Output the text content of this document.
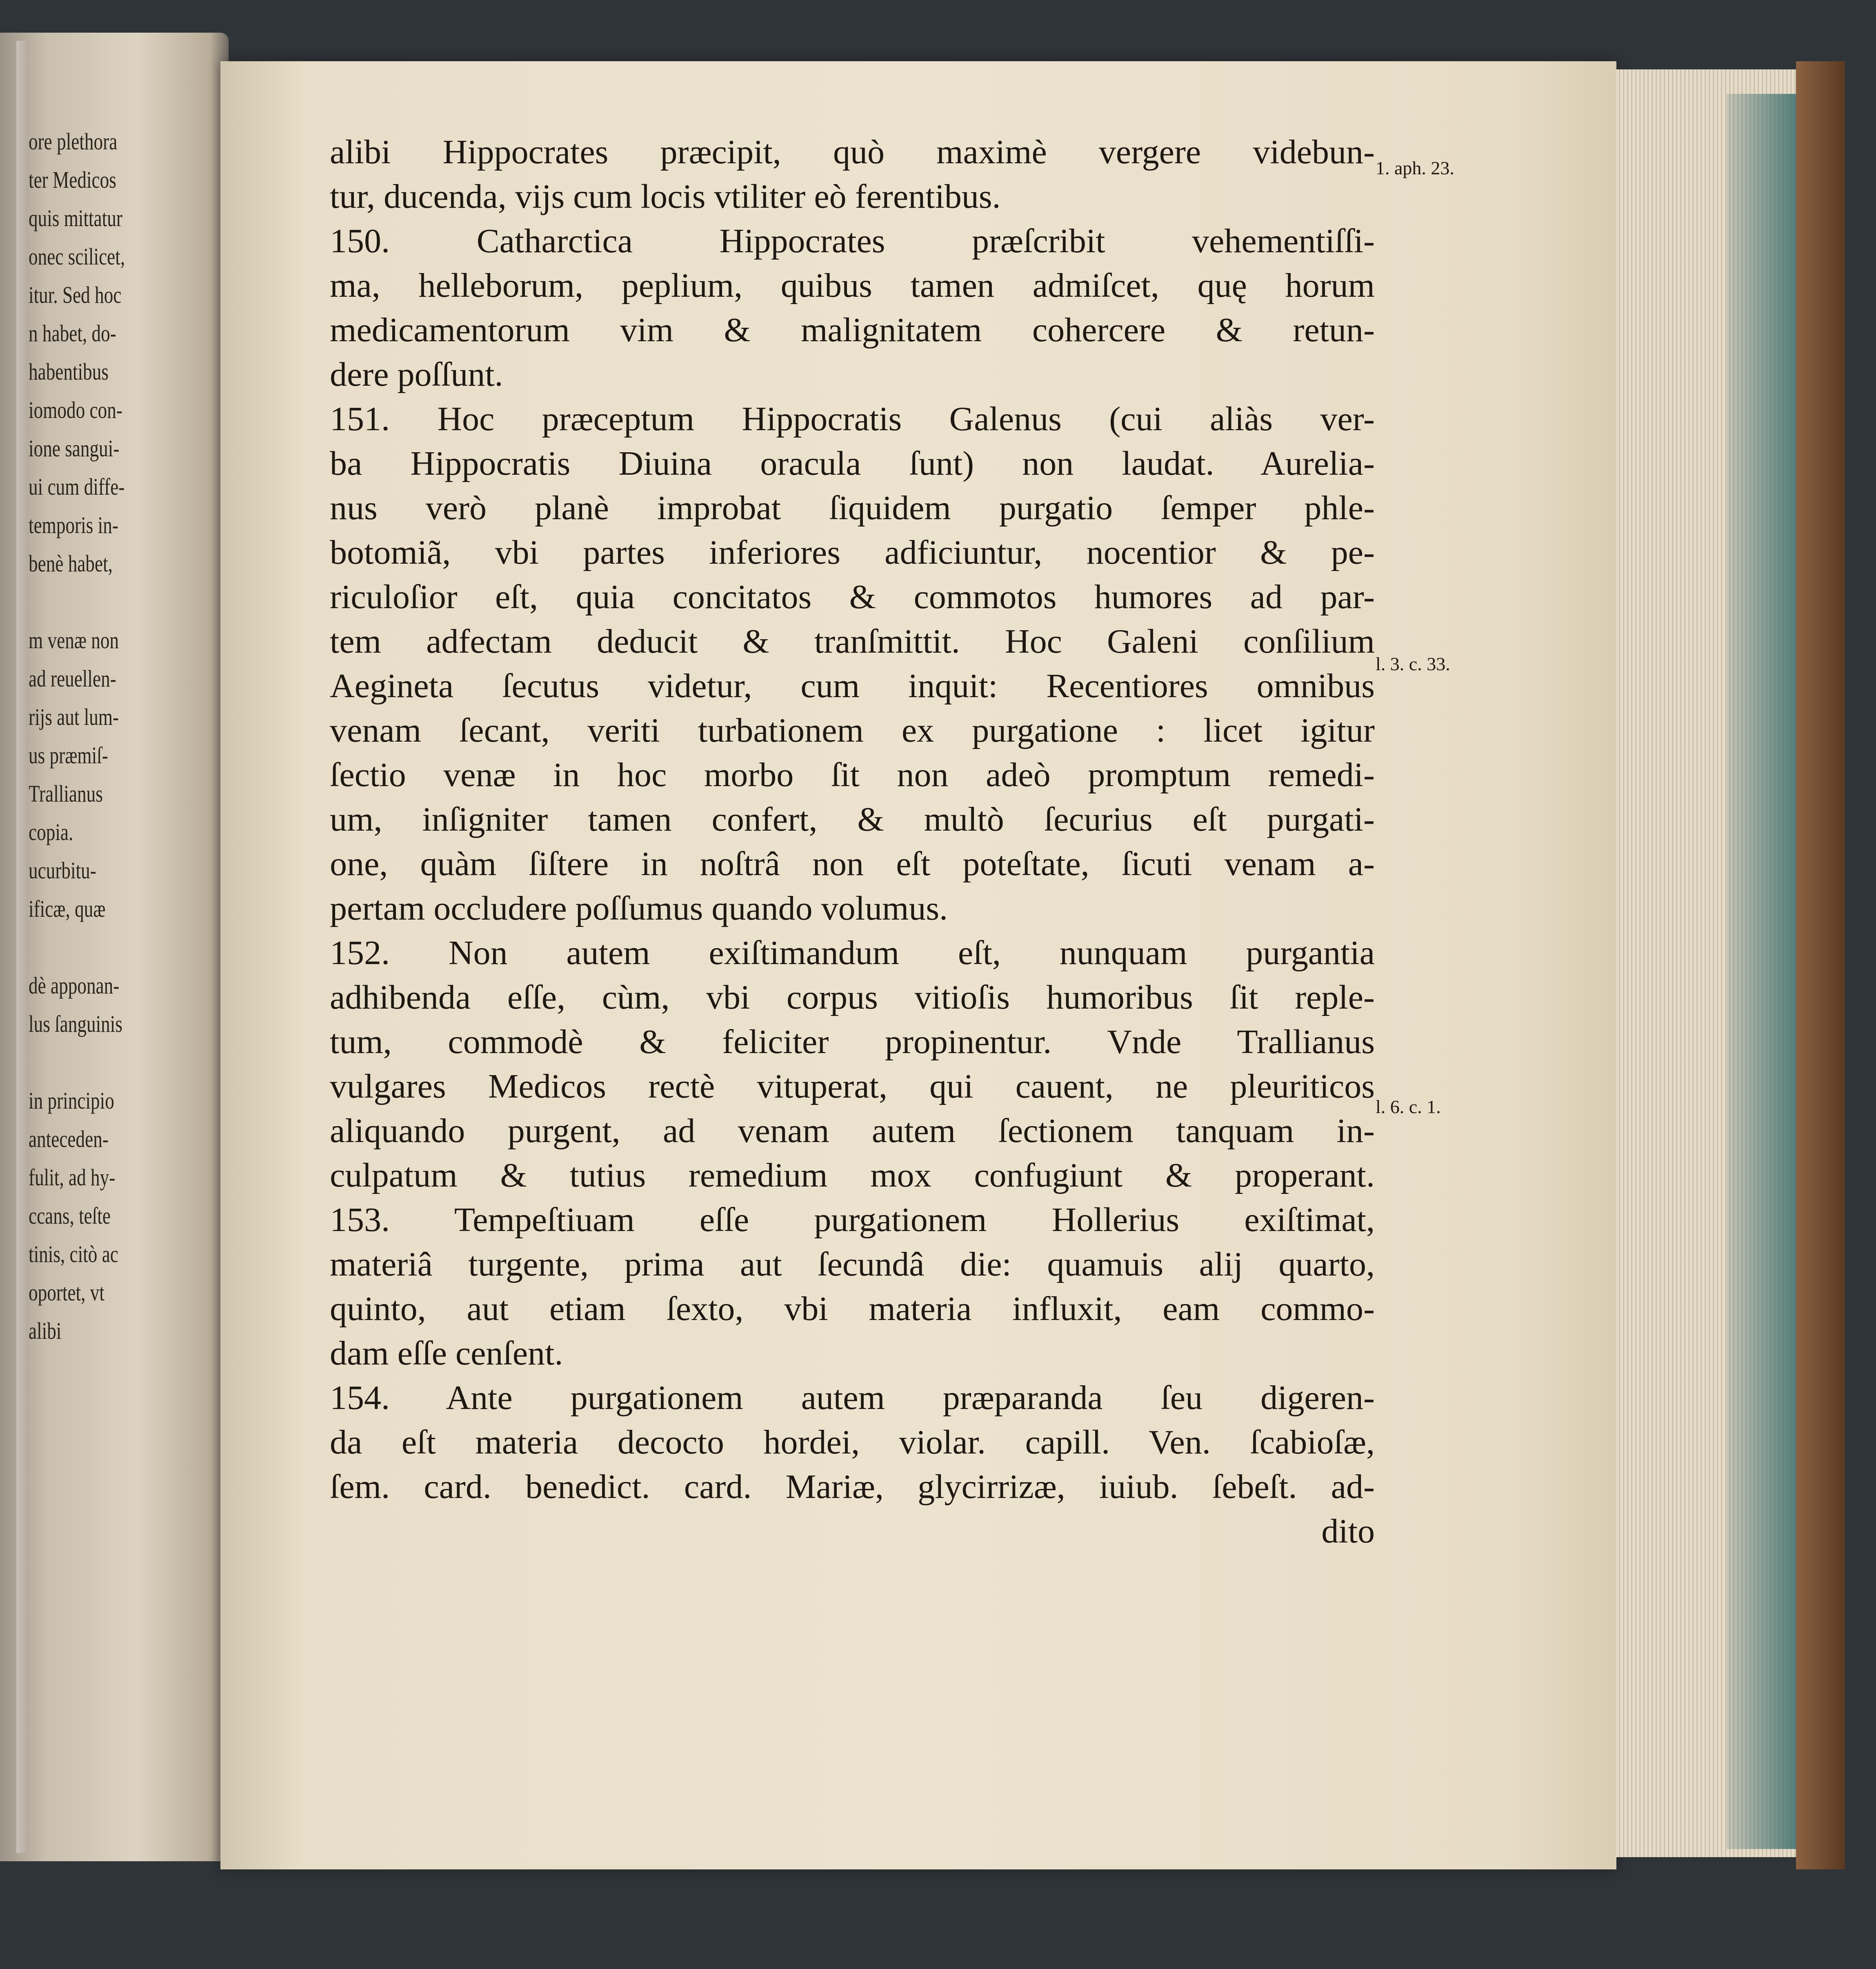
ore plethora
ter Medicos
quis mittatur
onec scilicet,
itur. Sed hoc
n habet, do-
habentibus
iomodo con-
ione sangui-
ui cum diffe-
temporis in-
benè habet,

m venæ non
ad reuellen-
rijs aut lum-
us præmiſ-
Trallianus
copia.
ucurbitu-
ificæ, quæ

dè apponan-
lus ſanguinis

in principio
anteceden-
fulit, ad hy-
ccans, teſte
tinis, citò ac
oportet, vt
alibi
alibi Hippocrates præcipit, quò maximè vergere videbun-
tur, ducenda, vijs cum locis vtiliter eò ferentibus.
150. Catharctica Hippocrates præſcribit vehementiſſi-
ma, helleborum, peplium, quibus tamen admiſcet, quę horum
medicamentorum vim & malignitatem cohercere & retun-
dere poſſunt.
151. Hoc præceptum Hippocratis Galenus (cui aliàs ver-
ba Hippocratis Diuina oracula ſunt) non laudat. Aurelia-
nus verò planè improbat ſiquidem purgatio ſemper phle-
botomiã, vbi partes inferiores adficiuntur, nocentior & pe-
riculoſior eſt, quia concitatos & commotos humores ad par-
tem adfectam deducit & tranſmittit. Hoc Galeni conſilium
Aegineta ſecutus videtur, cum inquit: Recentiores omnibus
venam ſecant, veriti turbationem ex purgatione : licet igitur
ſectio venæ in hoc morbo ſit non adeò promptum remedi-
um, inſigniter tamen confert, & multò ſecurius eſt purgati-
one, quàm ſiſtere in noſtrâ non eſt poteſtate, ſicuti venam a-
pertam occludere poſſumus quando volumus.
152. Non autem exiſtimandum eſt, nunquam purgantia
adhibenda eſſe, cùm, vbi corpus vitioſis humoribus ſit reple-
tum, commodè & feliciter propinentur. Vnde Trallianus
vulgares Medicos rectè vituperat, qui cauent, ne pleuriticos
aliquando purgent, ad venam autem ſectionem tanquam in-
culpatum & tutius remedium mox confugiunt & properant.
153. Tempeſtiuam eſſe purgationem Hollerius exiſtimat,
materiâ turgente, prima aut ſecundâ die: quamuis alij quarto,
quinto, aut etiam ſexto, vbi materia influxit, eam commo-
dam eſſe cenſent.
154. Ante purgationem autem præparanda ſeu digeren-
da eſt materia decocto hordei, violar. capill. Ven. ſcabioſæ,
ſem. card. benedict. card. Mariæ, glycirrizæ, iuiub. ſebeſt. ad-
dito
1. aph. 23.
l. 3. c. 33.
l. 6. c. 1.
